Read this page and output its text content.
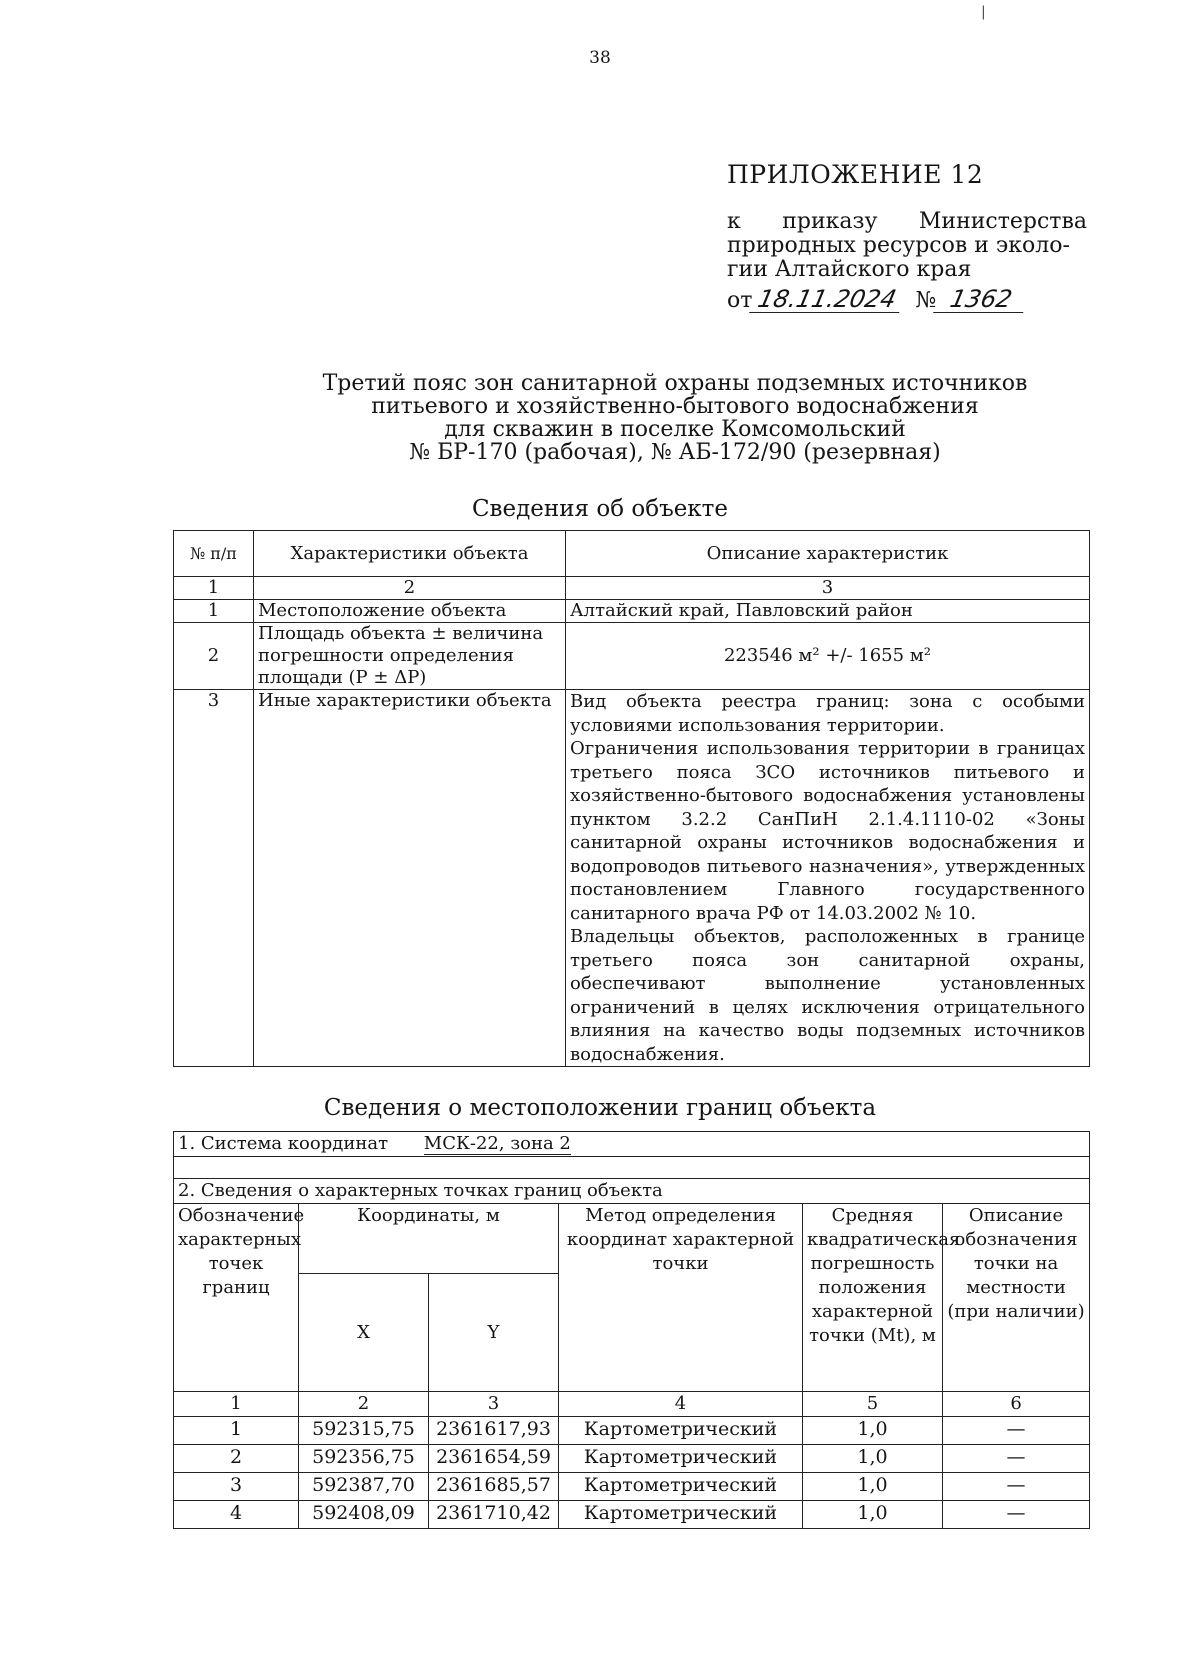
|
38
ПРИЛОЖЕНИЕ 12
к приказу Министерства
природных ресурсов и эколо-
гии Алтайского края
от 18.11.2024 № 1362
Третий пояс зон санитарной охраны подземных источников
питьевого и хозяйственно-бытового водоснабжения
для скважин в поселке Комсомольский
№ БР-170 (рабочая), № АБ-172/90 (резервная)
Сведения об объекте
№ п/п	Характеристики объекта	Описание характеристик
1	2	3
1	Местоположение объекта	Алтайский край, Павловский район
2	Площадь объекта ± величина погрешности определения площади (Р ± ΔР)	223546 м² +/- 1655 м²
3	Иные характеристики объекта	Вид объекта реестра границ: зона с особыми условиями использования территории.

Ограничения использования территории в границах третьего пояса ЗСО источников питьевого и хозяйственно-бытового водоснабжения установлены пунктом 3.2.2 СанПиН 2.1.4.1110-02 «Зоны санитарной охраны источников водоснабжения и водопроводов питьевого назначения», утвержденных постановлением Главного государственного санитарного врача РФ от 14.03.2002 № 10.

Владельцы объектов, расположенных в границе третьего пояса зон санитарной охраны, обеспечивают выполнение установленных ограничений в целях исключения отрицательного влияния на качество воды подземных источников водоснабжения.

Сведения о местоположении границ объекта
1. Система координат МСК-22, зона 2					

2. Сведения о характерных точках границ объекта					
Обозначение характерных точек границ	Координаты, м		Метод определения координат характерной точки	Средняя квадратическая погрешность положения характерной точки (Mt), м	Описание обозначения точки на местности (при наличии)
	X	Y			
1	2	3	4	5	6
1	592315,75	2361617,93	Картометрический	1,0	—
2	592356,75	2361654,59	Картометрический	1,0	—
3	592387,70	2361685,57	Картометрический	1,0	—
4	592408,09	2361710,42	Картометрический	1,0	—
